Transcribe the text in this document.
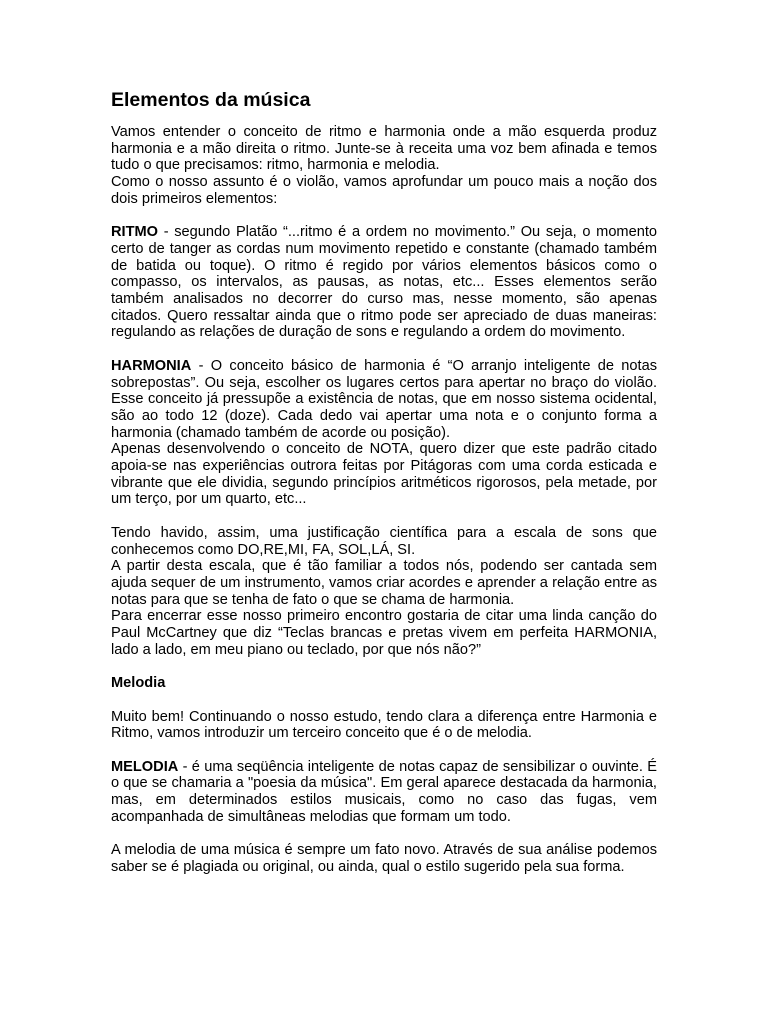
Elementos da música

Vamos entender o conceito de ritmo e harmonia onde a mão esquerda produz harmonia e a mão direita o ritmo. Junte-se à receita uma voz bem afinada e temos tudo o que precisamos: ritmo, harmonia e melodia.

Como o nosso assunto é o violão, vamos aprofundar um pouco mais a noção dos dois primeiros elementos:

RITMO - segundo Platão “...ritmo é a ordem no movimento.” Ou seja, o momento certo de tanger as cordas num movimento repetido e constante (chamado também de batida ou toque). O ritmo é regido por vários elementos básicos como o compasso, os intervalos, as pausas, as notas, etc... Esses elementos serão também analisados no decorrer do curso mas, nesse momento, são apenas citados. Quero ressaltar ainda que o ritmo pode ser apreciado de duas maneiras: regulando as relações de duração de sons e regulando a ordem do movimento.

HARMONIA - O conceito básico de harmonia é “O arranjo inteligente de notas sobrepostas”. Ou seja, escolher os lugares certos para apertar no braço do violão. Esse conceito já pressupõe a existência de notas, que em nosso sistema ocidental, são ao todo 12 (doze). Cada dedo vai apertar uma nota e o conjunto forma a harmonia (chamado também de acorde ou posição).

Apenas desenvolvendo o conceito de NOTA, quero dizer que este padrão citado apoia-se nas experiências outrora feitas por Pitágoras com uma corda esticada e vibrante que ele dividia, segundo princípios aritméticos rigorosos, pela metade, por um terço, por um quarto, etc...

Tendo havido, assim, uma justificação científica para a escala de sons que conhecemos como DO,RE,MI, FA, SOL,LÁ, SI.

A partir desta escala, que é tão familiar a todos nós, podendo ser cantada sem ajuda sequer de um instrumento, vamos criar acordes e aprender a relação entre as notas para que se tenha de fato o que se chama de harmonia.

Para encerrar esse nosso primeiro encontro gostaria de citar uma linda canção do Paul McCartney que diz “Teclas brancas e pretas vivem em perfeita HARMONIA, lado a lado, em meu piano ou teclado, por que nós não?”

Melodia

Muito bem! Continuando o nosso estudo, tendo clara a diferença entre Harmonia e Ritmo, vamos introduzir um terceiro conceito que é o de melodia.

MELODIA - é uma seqüência inteligente de notas capaz de sensibilizar o ouvinte. É o que se chamaria a "poesia da música". Em geral aparece destacada da harmonia, mas, em determinados estilos musicais, como no caso das fugas, vem acompanhada de simultâneas melodias que formam um todo.

A melodia de uma música é sempre um fato novo. Através de sua análise podemos saber se é plagiada ou original, ou ainda, qual o estilo sugerido pela sua forma.
